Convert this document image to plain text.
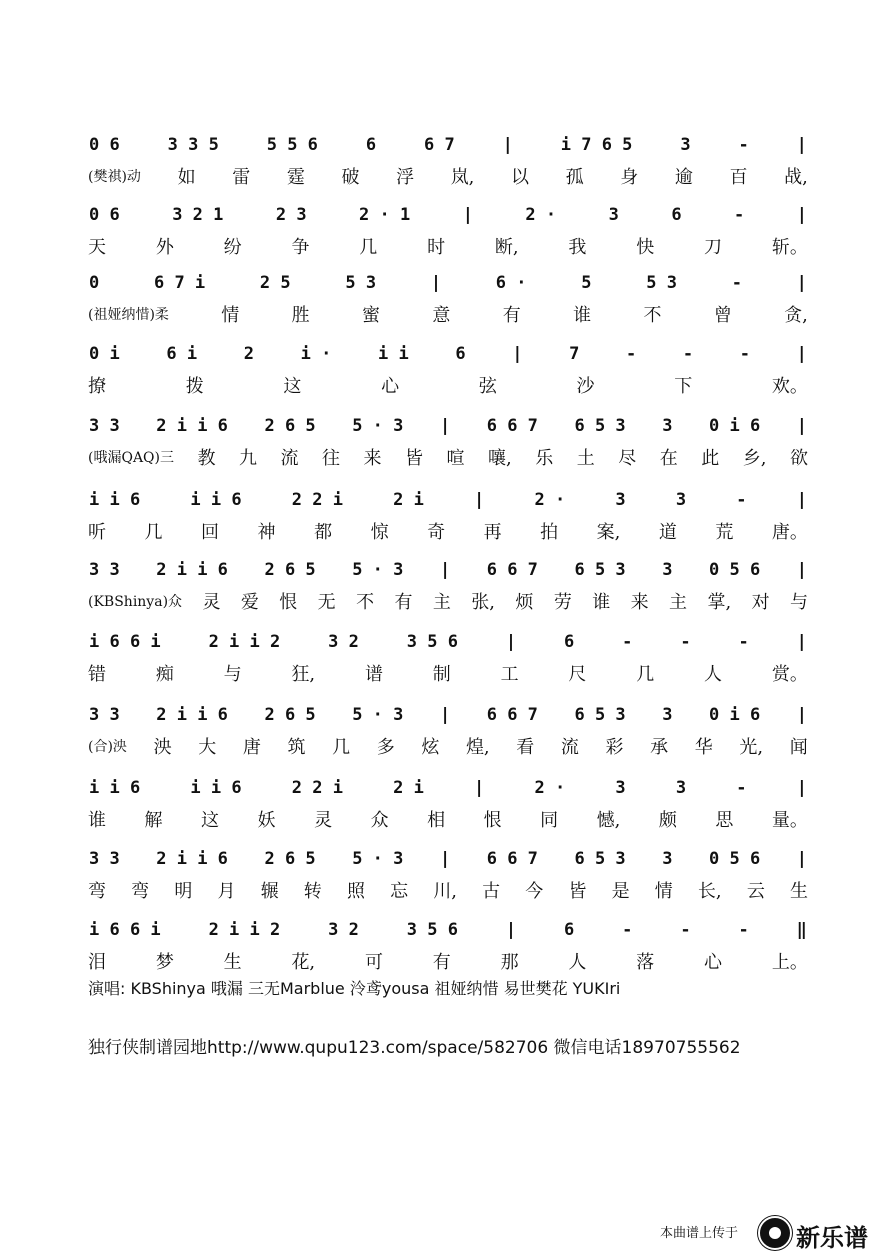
0 6	3 3 5	5 5 6	6	6 7	|	i 7 6 5	3	-	|
(樊祺)动 如 雷 霆 破 浮 岚, 以 孤 身 逾 百 战,
0 6	3 2 1	2 3	2 · 1	|	2 ·	3	6	-	|
天	外	纷	争	几	时	断,	我	快	刀	斩。
0	6 7 i	2 5	5 3	|	6 ·	5	5 3	-	|
(祖娅纳惜)柔	情	胜	蜜	意	有	谁	不	曾	贪,
0 i	6 i	2	i ·	i i	6	|	7	-	-	-	|
撩	拨	这	心	弦	沙	下	欢。
3 3 2 i i 6 2 6 5 5 · 3 | 6 6 7 6 5 3 3 0 i 6 |
(哦漏QAQ)三 教 九 流 往 来 皆 喧 嚷, 乐 土 尽 在 此 乡, 欲
i i 6	i i 6	2 2 i	2 i	|	2 ·	3	3	-	|
听 几 回 神 都 惊 奇 再 拍 案, 道 荒 唐。
3 3 2 i i 6 2 6 5 5 · 3 | 6 6 7 6 5 3 3 0 5 6 |
(KBShinya)众 灵 爱 恨 无 不 有 主 张, 烦 劳 谁 来 主 掌, 对 与
i 6 6 i	2 i i 2	3 2	3 5 6	|	6	-	-	-	|
错	痴	与	狂,	谱	制	工	尺	几	人	赏。
3 3 2 i i 6 2 6 5 5 · 3 | 6 6 7 6 5 3 3 0 i 6 |
(合)泱 泱 大 唐 筑 几 多 炫 煌, 看 流 彩 承 华 光, 闻
i i 6	i i 6	2 2 i	2 i	|	2 ·	3	3	-	|
谁 解 这 妖 灵 众 相 恨 同 憾, 颇 思 量。
3 3 2 i i 6 2 6 5 5 · 3 | 6 6 7 6 5 3 3 0 5 6 |
弯 弯 明 月 辗 转 照 忘 川, 古 今 皆 是 情 长, 云 生
i 6 6 i	2 i i 2	3 2	3 5 6	|	6	-	-	-	‖
泪	梦	生	花,	可	有	那	人	落	心	上。
演唱: KBShinya 哦漏 三无Marblue 泠鸢yousa 祖娅纳惜 易世樊花 YUKIri
独行侠制谱园地http://www.qupu123.com/space/582706 微信电话18970755562
本曲谱上传于 新乐谱
